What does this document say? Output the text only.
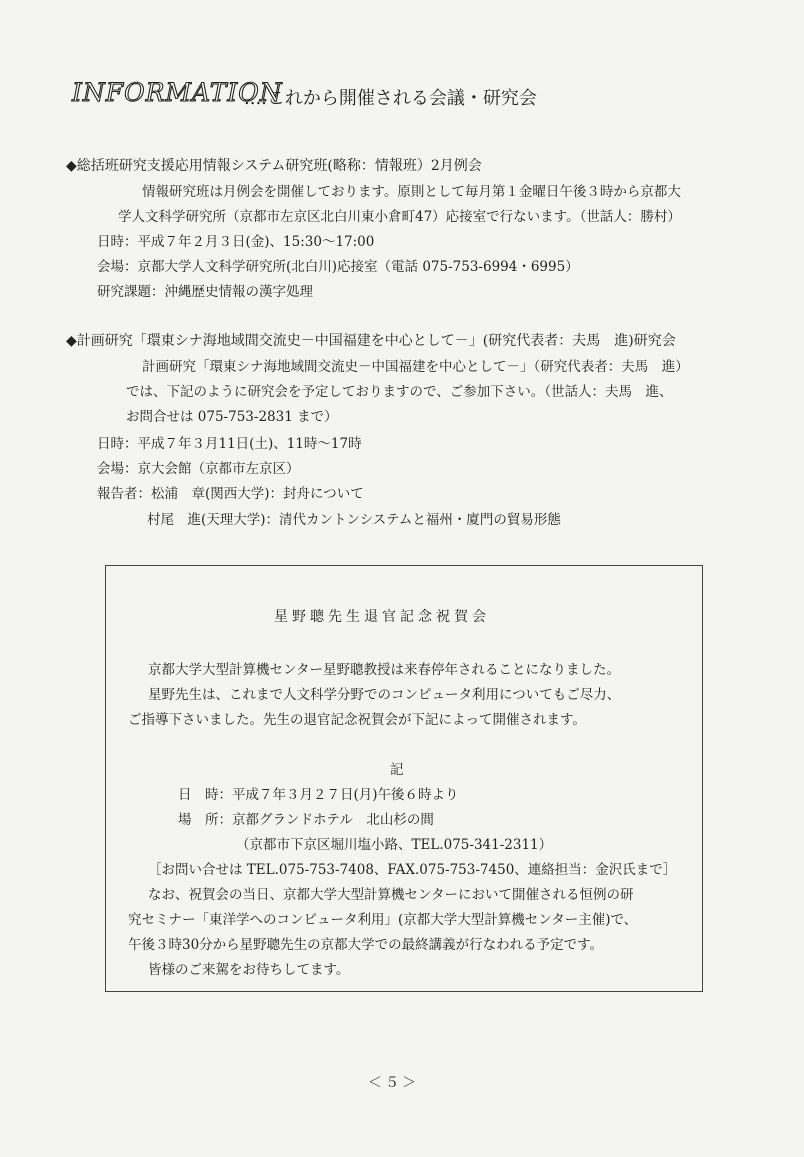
INFORMATION
....これから開催される会議・研究会
◆総括班研究支援応用情報システム研究班(略称：情報班）2月例会
情報研究班は月例会を開催しております。原則として毎月第１金曜日午後３時から京都大
学人文科学研究所（京都市左京区北白川東小倉町47）応接室で行ないます。（世話人：勝村）
日時：平成７年２月３日(金)、15:30～17:00
会場：京都大学人文科学研究所(北白川)応接室（電話 075-753-6994・6995）
研究課題：沖縄歴史情報の漢字処理
◆計画研究「環東シナ海地域間交流史－中国福建を中心として－」(研究代表者：夫馬　進)研究会
計画研究「環東シナ海地域間交流史－中国福建を中心として－」（研究代表者：夫馬　進）
では、下記のように研究会を予定しておりますので、ご参加下さい。（世話人：夫馬　進、
お問合せは 075-753-2831 まで）
日時：平成７年３月11日(土)、11時～17時
会場：京大会館（京都市左京区）
報告者：松浦　章(関西大学)：封舟について
村尾　進(天理大学)：清代カントンシステムと福州・廈門の貿易形態
星野聰先生退官記念祝賀会
京都大学大型計算機センター星野聰教授は来春停年されることになりました。
星野先生は、これまで人文科学分野でのコンピュータ利用についてもご尽力、
ご指導下さいました。先生の退官記念祝賀会が下記によって開催されます。
記
日　時：平成７年３月２７日(月)午後６時より
場　所：京都グランドホテル　北山杉の間
（京都市下京区堀川塩小路、TEL.075-341-2311）
［お問い合せは TEL.075-753-7408、FAX.075-753-7450、連絡担当：金沢氏まで］
なお、祝賀会の当日、京都大学大型計算機センターにおいて開催される恒例の研
究セミナー「東洋学へのコンピュータ利用」(京都大学大型計算機センター主催)で、
午後３時30分から星野聰先生の京都大学での最終講義が行なわれる予定です。
皆様のご来駕をお待ちしてます。
＜５＞
